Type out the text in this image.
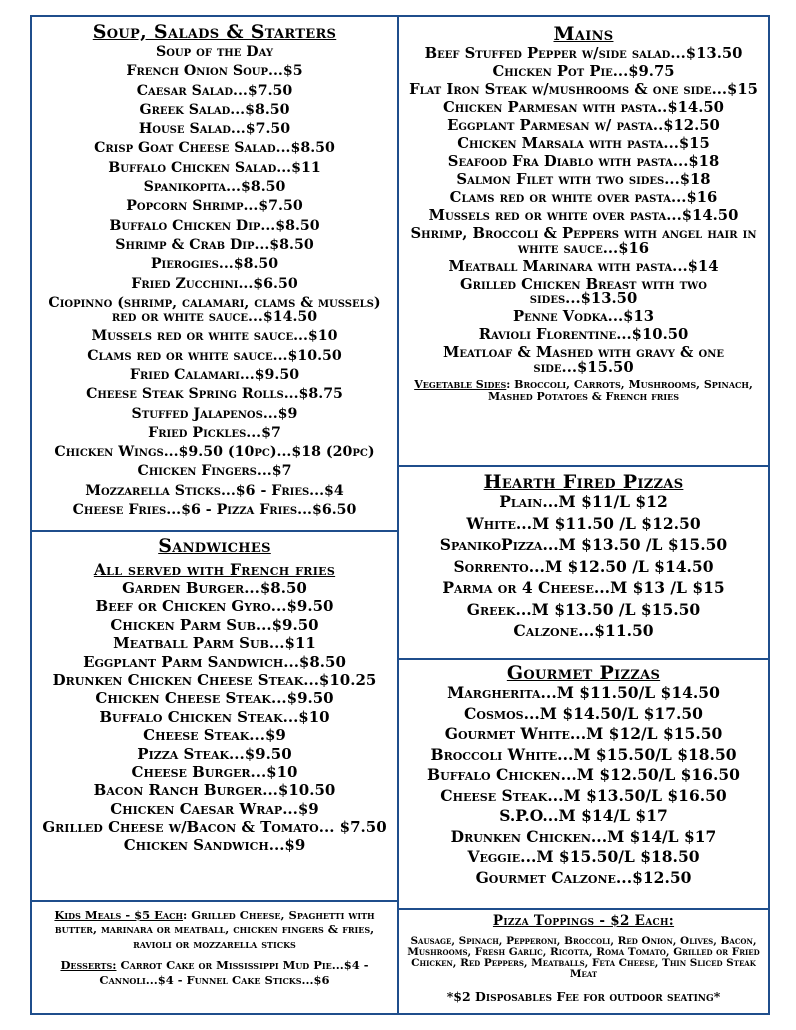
Soup, Salads & Starters
Soup of the Day
French Onion Soup...$5
Caesar Salad...$7.50
Greek Salad...$8.50
House Salad...$7.50
Crisp Goat Cheese Salad...$8.50
Buffalo Chicken Salad...$11
Spanikopita...$8.50
Popcorn Shrimp...$7.50
Buffalo Chicken Dip...$8.50
Shrimp & Crab Dip...$8.50
Pierogies...$8.50
Fried Zucchini...$6.50
Ciopinno (shrimp, calamari, clams & mussels) red or white sauce...$14.50
Mussels red or white sauce...$10
Clams red or white sauce...$10.50
Fried Calamari...$9.50
Cheese Steak Spring Rolls...$8.75
Stuffed Jalapenos...$9
Fried Pickles...$7
Chicken Wings...$9.50 (10pc)...$18 (20pc)
Chicken Fingers...$7
Mozzarella Sticks...$6 - Fries...$4
Cheese Fries...$6 - Pizza Fries...$6.50
Sandwiches
All served with French fries
Garden Burger...$8.50
Beef or Chicken Gyro...$9.50
Chicken Parm Sub...$9.50
Meatball Parm Sub...$11
Eggplant Parm Sandwich...$8.50
Drunken Chicken Cheese Steak...$10.25
Chicken Cheese Steak...$9.50
Buffalo Chicken Steak...$10
Cheese Steak...$9
Pizza Steak...$9.50
Cheese Burger...$10
Bacon Ranch Burger...$10.50
Chicken Caesar Wrap...$9
Grilled Cheese w/Bacon & Tomato... $7.50
Chicken Sandwich...$9
Kids Meals - $5 Each: Grilled Cheese, Spaghetti with butter, marinara or meatball, chicken fingers & fries, ravioli or mozzarella sticks
Desserts: Carrot Cake or Mississippi Mud Pie...$4 - Cannoli...$4 - Funnel Cake Sticks...$6
Mains
Beef Stuffed Pepper w/side salad...$13.50
Chicken Pot Pie...$9.75
Flat Iron Steak w/mushrooms & one side...$15
Chicken Parmesan with pasta..$14.50
Eggplant Parmesan w/ pasta..$12.50
Chicken Marsala with pasta...$15
Seafood Fra Diablo with pasta...$18
Salmon Filet with two sides...$18
Clams red or white over pasta...$16
Mussels red or white over pasta...$14.50
Shrimp, Broccoli & Peppers with angel hair in white sauce...$16
Meatball Marinara with pasta...$14
Grilled Chicken Breast with two sides...$13.50
Penne Vodka...$13
Ravioli Florentine...$10.50
Meatloaf & Mashed with gravy & one side...$15.50
Vegetable Sides: Broccoli, Carrots, Mushrooms, Spinach, Mashed Potatoes & French fries
Hearth Fired Pizzas
Plain...M $11/L $12
White...M $11.50 /L $12.50
SpanikoPizza...M $13.50 /L $15.50
Sorrento...M $12.50 /L $14.50
Parma or 4 Cheese...M $13 /L $15
Greek...M $13.50 /L $15.50
Calzone...$11.50
Gourmet Pizzas
Margherita...M $11.50/L $14.50
Cosmos...M $14.50/L $17.50
Gourmet White...M $12/L $15.50
Broccoli White...M $15.50/L $18.50
Buffalo Chicken...M $12.50/L $16.50
Cheese Steak...M $13.50/L $16.50
S.P.O...M $14/L $17
Drunken Chicken...M $14/L $17
Veggie...M $15.50/L $18.50
Gourmet Calzone...$12.50
Pizza Toppings - $2 Each:
Sausage, Spinach, Pepperoni, Broccoli, Red Onion, Olives, Bacon, Mushrooms, Fresh Garlic, Ricotta, Roma Tomato, Grilled or Fried Chicken, Red Peppers, Meatballs, Feta Cheese, Thin Sliced Steak Meat
*$2 Disposables Fee for outdoor seating*
